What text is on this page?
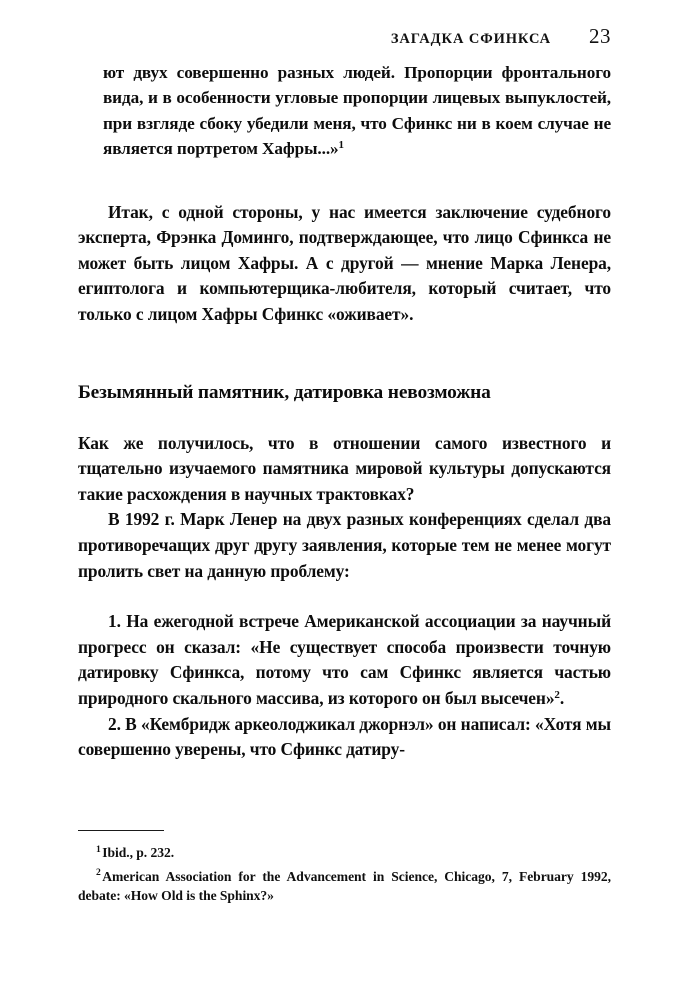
ЗАГАДКА СФИНКСА 23

ют двух совершенно разных людей. Пропорции фронтального вида, и в особенности угловые пропорции лицевых выпуклостей, при взгляде сбоку убедили меня, что Сфинкс ни в коем случае не является портретом Хафры...»$^1$

Итак, с одной стороны, у нас имеется заключение судебного эксперта, Фрэнка Доминго, подтверждающее, что лицо Сфинкса не может быть лицом Хафры. А с другой — мнение Марка Ленера, египтолога и компьютерщика-любителя, который считает, что только с лицом Хафры Сфинкс «оживает».

Безымянный памятник, датировка невозможна

Как же получилось, что в отношении самого известного и тщательно изучаемого памятника мировой культуры допускаются такие расхождения в научных трактовках?

В 1992 г. Марк Ленер на двух разных конференциях сделал два противоречащих друг другу заявления, которые тем не менее могут пролить свет на данную проблему:

1. На ежегодной встрече Американской ассоциации за научный прогресс он сказал: «Не существует способа произвести точную датировку Сфинкса, потому что сам Сфинкс является частью природного скального массива, из которого он был высечен»$^2$.

2. В «Кембридж аркеолоджикал джорнэл» он написал: «Хотя мы совершенно уверены, что Сфинкс датиру-

$^1$ Ibid., p. 232.

$^2$ American Association for the Advancement in Science, Chicago, 7, February 1992, debate: «How Old is the Sphinx?»
